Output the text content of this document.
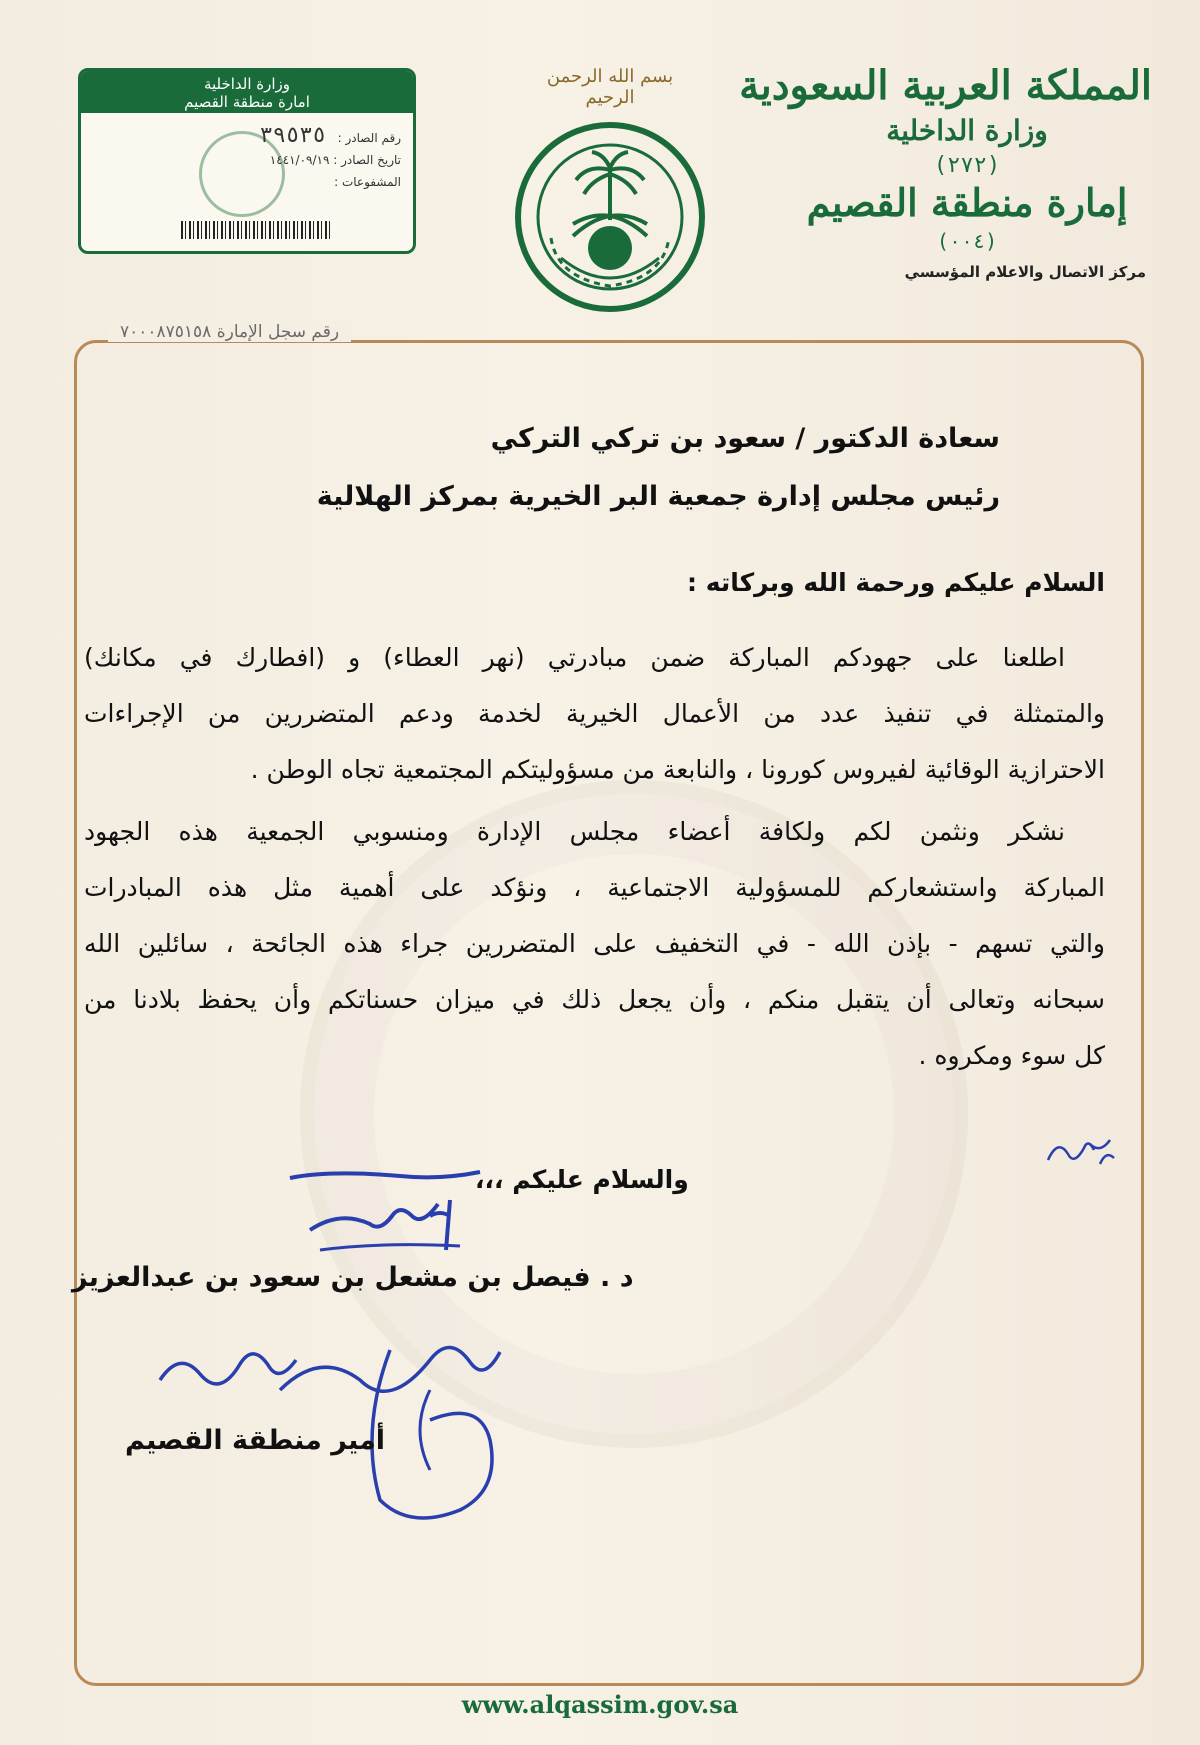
المملكة العربية السعودية
وزارة الداخلية
(٢٧٢)
إمارة منطقة القصيم
(٠٠٤)
مركز الاتصال والاعلام المؤسسي
بسم الله الرحمن الرحيم
وزارة الداخلية
امارة منطقة القصيم
رقم الصادر : ٣٩٥٣٥
تاريخ الصادر : ١٤٤١/٠٩/١٩
المشفوعات :
رقم سجل الإمارة ٧٠٠٠٨٧٥١٥٨
سعادة الدكتور / سعود بن تركي التركي
رئيس مجلس إدارة جمعية البر الخيرية بمركز الهلالية
السلام عليكم ورحمة الله وبركاته :
اطلعنا على جهودكم المباركة ضمن مبادرتي (نهر العطاء) و (افطارك في مكانك)
والمتمثلة في تنفيذ عدد من الأعمال الخيرية لخدمة ودعم المتضررين من الإجراءات
الاحترازية الوقائية لفيروس كورونا ، والنابعة من مسؤوليتكم المجتمعية تجاه الوطن .
نشكر ونثمن لكم ولكافة أعضاء مجلس الإدارة ومنسوبي الجمعية هذه الجهود
المباركة واستشعاركم للمسؤولية الاجتماعية ، ونؤكد على أهمية مثل هذه المبادرات
والتي تسهم - بإذن الله - في التخفيف على المتضررين جراء هذه الجائحة ، سائلين الله
سبحانه وتعالى أن يتقبل منكم ، وأن يجعل ذلك في ميزان حسناتكم وأن يحفظ بلادنا من
كل سوء ومكروه .
والسلام عليكم ،،،
د . فيصل بن مشعل بن سعود بن عبدالعزيز
أمير منطقة القصيم
www.alqassim.gov.sa
